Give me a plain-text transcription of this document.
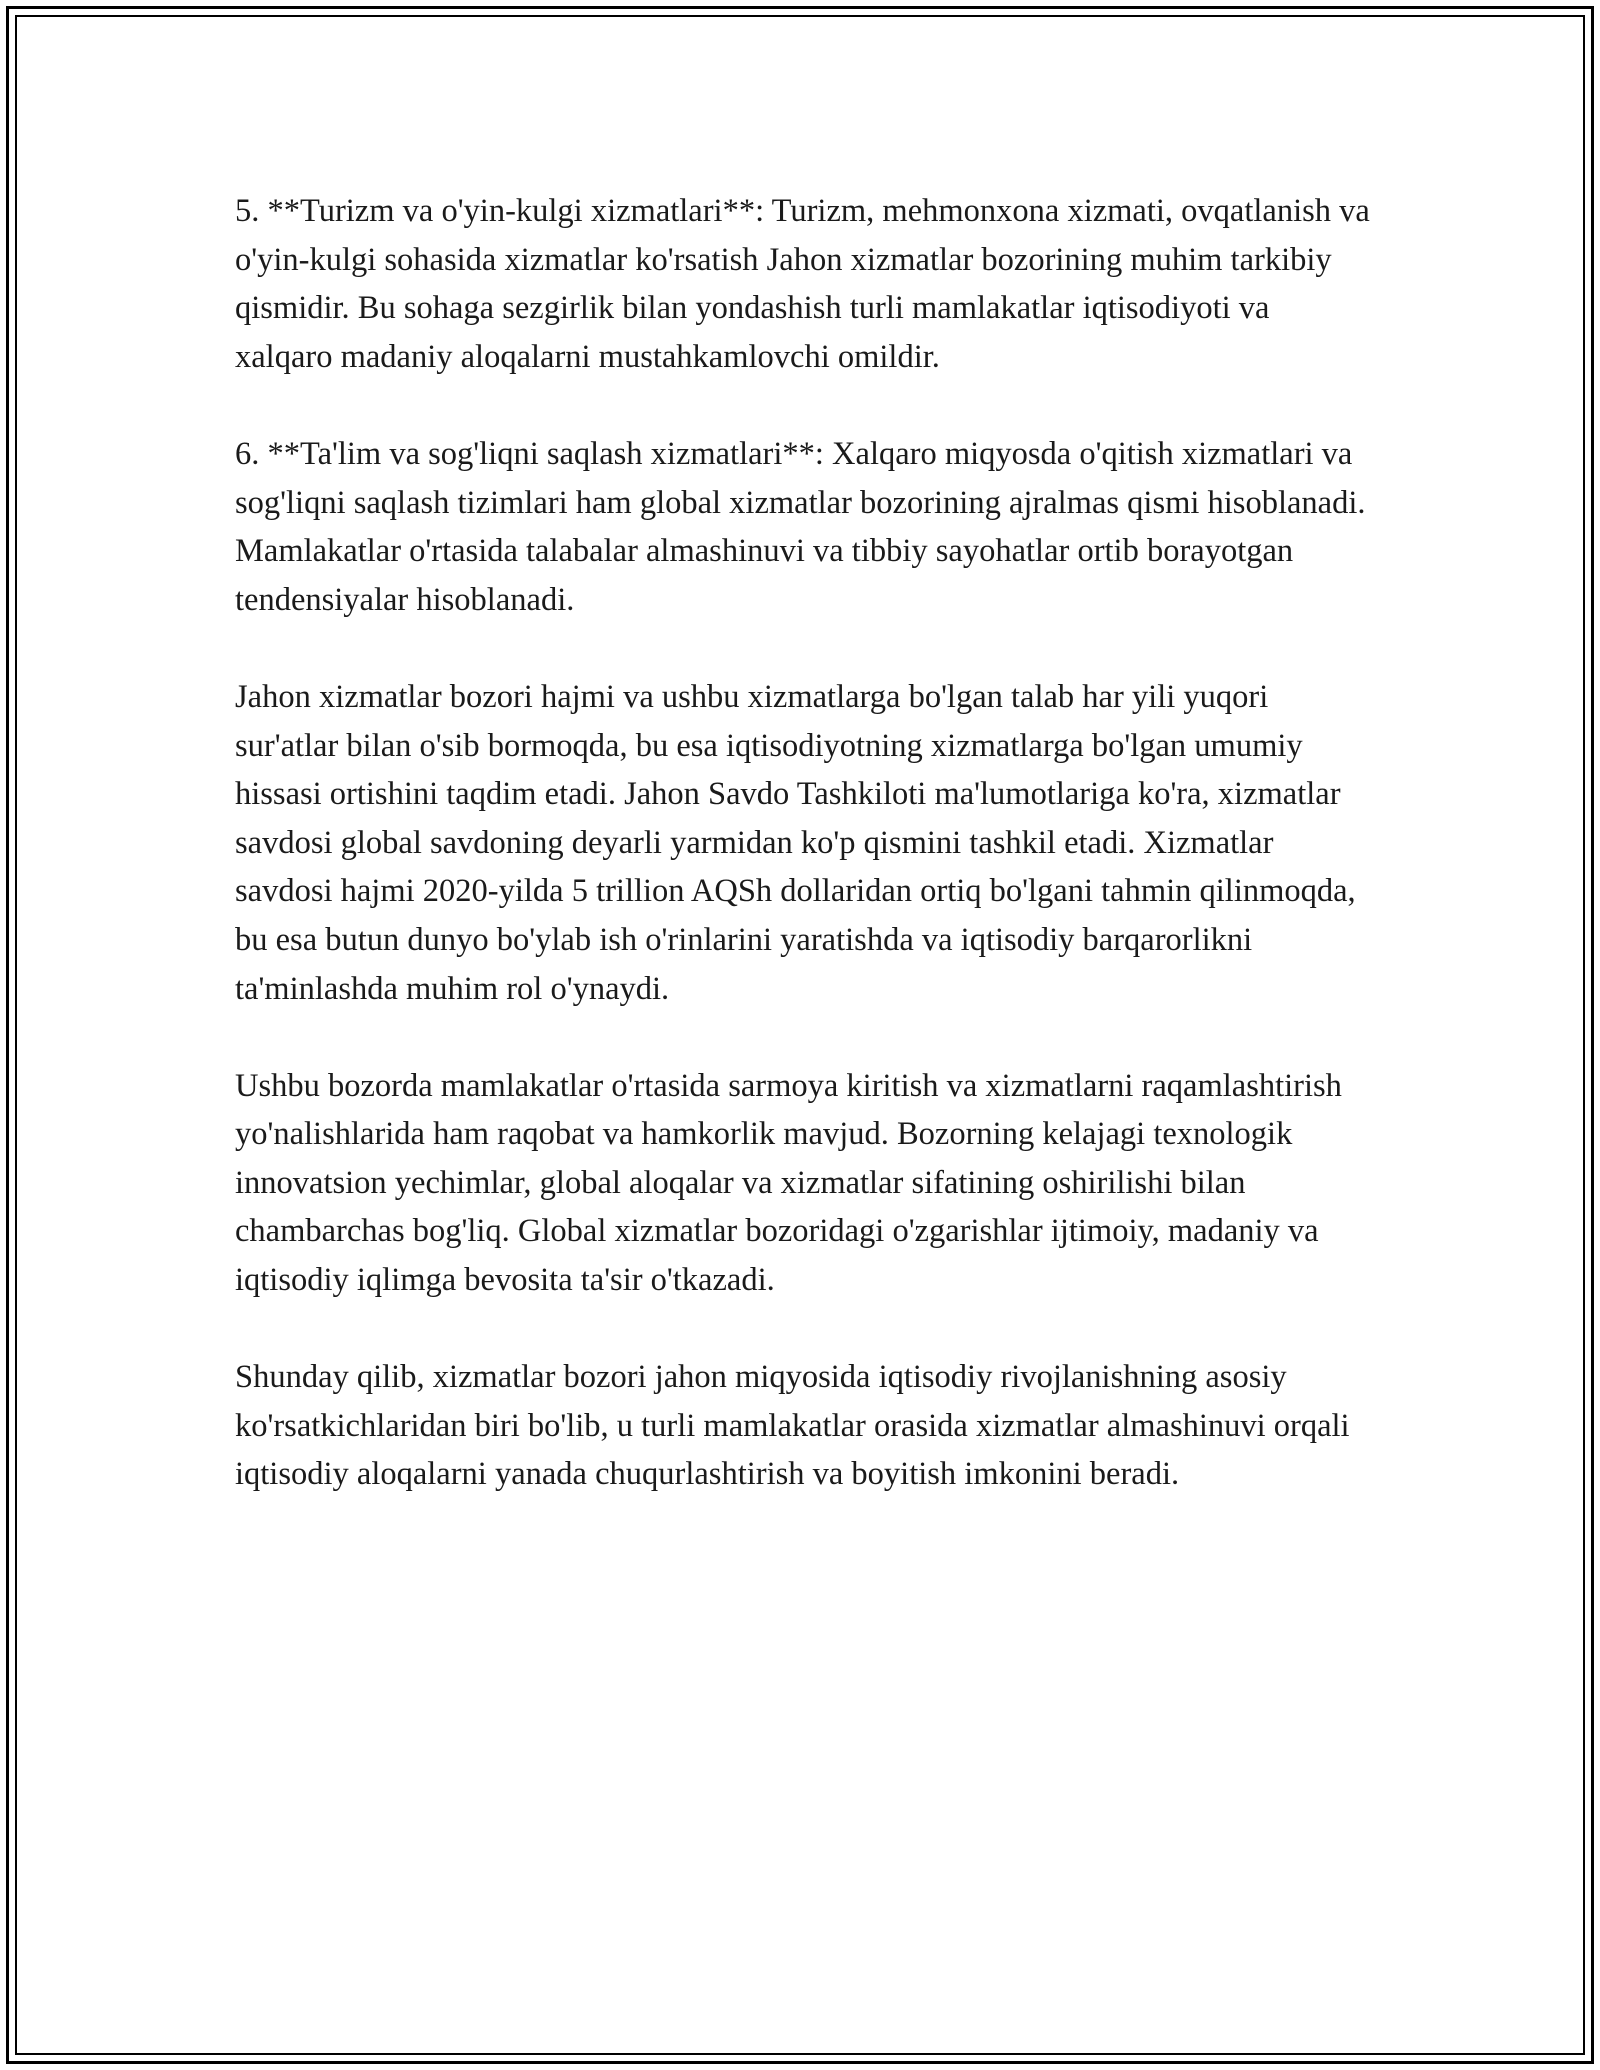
5. **Turizm va o'yin-kulgi xizmatlari**: Turizm, mehmonxona xizmati, ovqatlanish va o'yin-kulgi sohasida xizmatlar ko'rsatish Jahon xizmatlar bozorining muhim tarkibiy qismidir. Bu sohaga sezgirlik bilan yondashish turli mamlakatlar iqtisodiyoti va xalqaro madaniy aloqalarni mustahkamlovchi omildir.

6. **Ta'lim va sog'liqni saqlash xizmatlari**: Xalqaro miqyosda o'qitish xizmatlari va sog'liqni saqlash tizimlari ham global xizmatlar bozorining ajralmas qismi hisoblanadi. Mamlakatlar o'rtasida talabalar almashinuvi va tibbiy sayohatlar ortib borayotgan tendensiyalar hisoblanadi.

Jahon xizmatlar bozori hajmi va ushbu xizmatlarga bo'lgan talab har yili yuqori sur'atlar bilan o'sib bormoqda, bu esa iqtisodiyotning xizmatlarga bo'lgan umumiy hissasi ortishini taqdim etadi. Jahon Savdo Tashkiloti ma'lumotlariga ko'ra, xizmatlar savdosi global savdoning deyarli yarmidan ko'p qismini tashkil etadi. Xizmatlar savdosi hajmi 2020-yilda 5 trillion AQSh dollaridan ortiq bo'lgani tahmin qilinmoqda, bu esa butun dunyo bo'ylab ish o'rinlarini yaratishda va iqtisodiy barqarorlikni ta'minlashda muhim rol o'ynaydi.

Ushbu bozorda mamlakatlar o'rtasida sarmoya kiritish va xizmatlarni raqamlashtirish yo'nalishlarida ham raqobat va hamkorlik mavjud. Bozorning kelajagi texnologik innovatsion yechimlar, global aloqalar va xizmatlar sifatining oshirilishi bilan chambarchas bog'liq. Global xizmatlar bozoridagi o'zgarishlar ijtimoiy, madaniy va iqtisodiy iqlimga bevosita ta'sir o'tkazadi.

Shunday qilib, xizmatlar bozori jahon miqyosida iqtisodiy rivojlanishning asosiy ko'rsatkichlaridan biri bo'lib, u turli mamlakatlar orasida xizmatlar almashinuvi orqali iqtisodiy aloqalarni yanada chuqurlashtirish va boyitish imkonini beradi.
